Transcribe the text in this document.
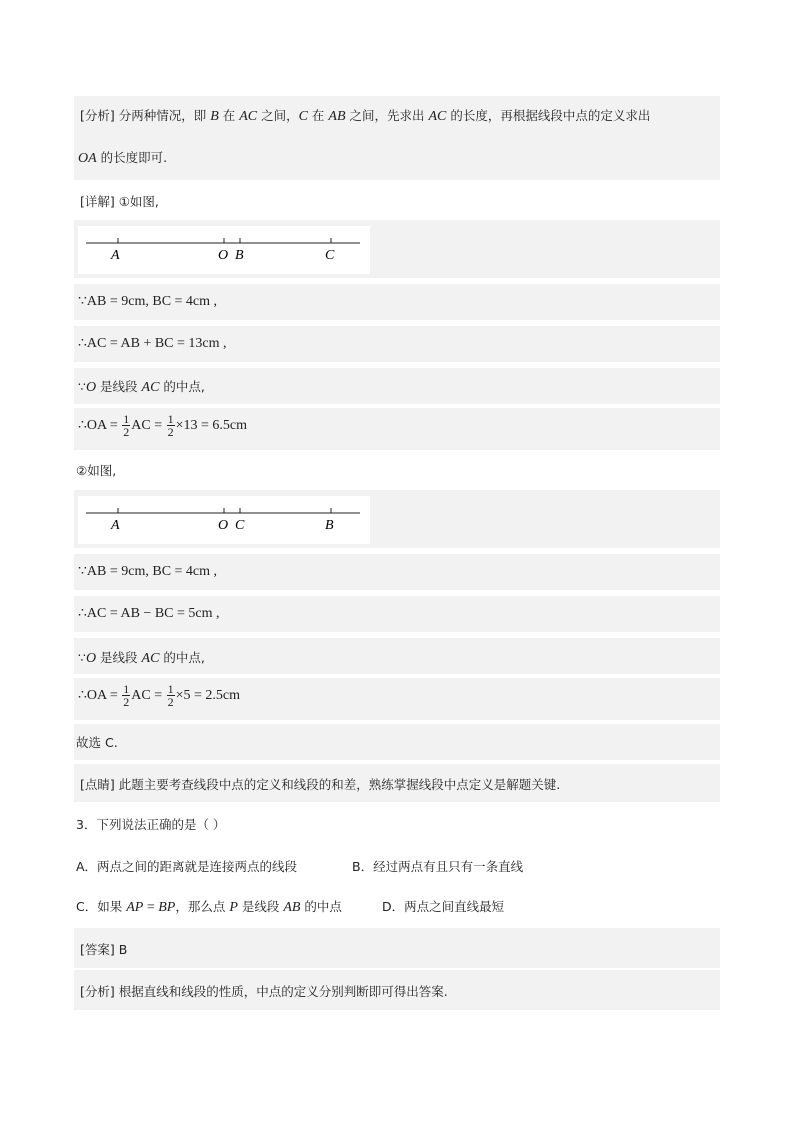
[分析] 分两种情况，即 B 在 AC 之间，C 在 AB 之间，先求出 AC 的长度，再根据线段中点的定义求出
OA 的长度即可.
[详解] ①如图,
A	O B	C
∵AB = 9cm, BC = 4cm ,
∴AC = AB + BC = 13cm ,
∵O 是线段 AC 的中点,
∴OA = $\frac{1}{2}$ AC = $\frac{1}{2} \times 13 = 6.5cm$
②如图,
A	O C	B
∵AB = 9cm, BC = 4cm ,
∴AC = AB − BC = 5cm ,
∵O 是线段 AC 的中点,
∴OA = $\frac{1}{2}$ AC = $\frac{1}{2} \times 5 = 2.5cm$
故选 C.
[点睛] 此题主要考查线段中点的定义和线段的和差，熟练掌握线段中点定义是解题关键.
3．下列说法正确的是（ ）
A．两点之间的距离就是连接两点的线段	B．经过两点有且只有一条直线
C．如果 AP = BP，那么点 P 是线段 AB 的中点	D．两点之间直线最短
[答案] B
[分析] 根据直线和线段的性质，中点的定义分别判断即可得出答案.
